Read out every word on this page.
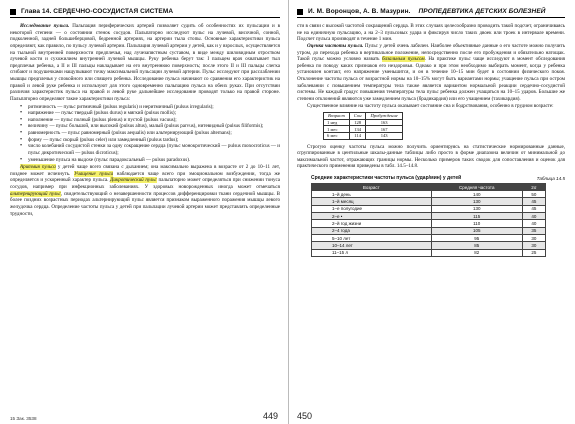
Глава 14. СЕРДЕЧНО-СОСУДИСТАЯ СИСТЕМА

Исследование пульса. Пальпация периферических артерий позволяет судить об особенностях их пульсации и в некоторой степени — о состоянии стенок сосудов. Пальпаторно исследуют пульс на лучевой, височной, сонной, подколенной, задней большеберцовой, бедренной артериях, на артерии тыла стопы. Основные характеристики пульса определяют, как правило, по пульсу лучевой артерии. Пальпация лучевой артерии у детей, как и у взрослых, осуществляется на тыльной внутренней поверхности предплечья, над лучезапястным суставом, в виде между шиловидным отростком лучевой кости и сухожилием внутренней лучевой мышцы. Руку ребенка берут так: I пальцем врач охватывает тыл предплечья ребенка, а II и III пальцы накладывает на его внутреннюю поверхность; после этого II и III пальцы слегка сгибают и подушечками нащупывают точку максимальной пульсации лучевой артерии. Пульс исследуют при расслаблении мышцы предплечья у спокойного или спящего ребенка. Исследование пульса начинают со сравнения его характеристик на правой и левой руке ребенка и используют для этого одновременно пальпацию пульса на обеих руках. При отсутствии различия характеристик пульса на правой и левой руке дальнейшее исследование проводят только на правой стороне. Пальпаторно определяют такие характеристики пульса:

• ритмичность — пульс ритмичный (pulsus regularis) и неритмичный (pulsus irregularis);
• напряжение — пульс твердый (pulsus durus) и мягкий (pulsus mollis);
• наполнение — пульс полный (pulsus plenus) и пустой (pulsus vacuus);
• величину — пульс большой, или высокий (pulsus altus), малый (pulsus parvus), нитевидный (pulsus filiformis);
• равномерность — пульс равномерный (pulsus aequalis) или альтернирующий (pulsus alternans);
• форму — пульс скорый (pulsus celer) или замедленный (pulsus tardus);
• число колебаний сосудистой стенки за одну сокращение сердца (пульс монокротический — pulsus monocroticus — и пульс дикротический — pulsus dicroticus);
• уменьшение пульса на выдохе (пульс парадоксальный — pulsus paradoxus).

Аритмия пульса у детей чаще всего связана с дыханием; она максимально выражена в возрасте от 2 до 10–11 лет, позднее может исчезнуть. Учащение пульса наблюдается чаще всего при эмоциональном возбуждении, тогда же определяется и ускоренный характер пульса. Дикротический пульс пальпаторно может определяться при снижении тонуса сосудов, например при инфекционных заболеваниях. У здоровых новорожденных иногда может отмечаться альтернирующий пульс, свидетельствующий о незавершенности процессов дифференцировки ткани сердечной мышцы. В более поздних возрастных периодах альтернирующий пульс является признаком выраженного поражения мышцы левого желудочка сердца. Определение частоты пульса у детей при пальпации лучевой артерии может представлять определенные трудности,

15 Зак. 3538	449
И. М. Воронцов, А. В. Мазурин. ПРОПЕДЕВТИКА ДЕТСКИХ БОЛЕЗНЕЙ

сти в связи с высокой частотой сокращений сердца. В этих случаях целесообразно проводить такой подсчет, ограничиваясь не на единичную пульсацию, а на 2–3 пульсовых удара и фиксируя число таких двоек или троек в интервале времени. Подсчет пульса производят в течение 1 мин.

Оценка частоты пульса. Пульс у детей очень лабилен. Наиболее объективные данные о его частоте можно получить утром, до перехода ребенка в вертикальное положение, непосредственно после его пробуждения и обязательно натощак. Такой пульс можно условно назвать базальным пульсом. На практике пульс чаще исследуют в момент обследования ребенка по поводу каких признаков его нездоровья. Однако и при этом необходимо выбирать момент, когда у ребенка установлен контакт, его напряжение уменьшится, и он в течение 10–15 мин будет в состоянии физического покоя. Отклонение частоты пульса от возрастной нормы на 10–15% могут быть вариантами нормы; учащение пульса при остром заболевании с повышением температуры тела также является вариантом нормальной реакции сердечно-сосудистой системы. Не каждый градус повышения температуры тела пульс ребенка должен учащаться на 10–15 ударов. Большие же степени отклонений являются уже замедлением пульса (брадикардия) или его учащением (тахикардия).

Существенное влияние на частоту пульса оказывает состояние сна и бодрствования, особенно в грудном возрасте:

Возраст	Сон	Пробуждение
1 нед	128	163
1 мес	134	167
6 мес	114	143

Строгую оценку частоты пульса можно получить ориентируясь на статистические нормированные данные, сгруппированные в центильные шкалы-данные таблицы либо просто в форме диапазона величин от минимальной до максимальной частот, отражающих границы нормы. Несколько примеров таких сводок для сопоставления и оценок для практического применения приведены в табл. 14.5–14.8.

Средние характеристики частоты пульса (удар/мин) у детей	Таблица 14.5
Возраст	Средняя частота	2σ
1–й день	140	50
1–й месяц	130	45
1–е полугодие	130	45
2–е •	115	40
2–й год жизни	110	40
2–4 года	105	35
5–10 лет	95	30
10–14 лет	85	30
11–15 л	82	25
450
